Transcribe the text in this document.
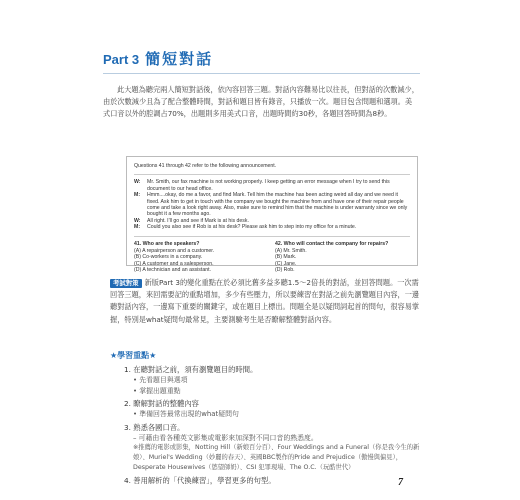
Part 3 簡短對話

此大題為聽完兩人簡短對話後，依內容回答三題。對話內容難易比以往長，但對話的次數減少，由於次數減少且為了配合整體時間，對話和題目皆有錄音，只播放一次。題目包含問題和選項。美式口音以外的腔調占70%，出題則多用美式口音，出題時間約30秒，各題回答時間為8秒。

Questions 41 through 42 refer to the following announcement.
W:	Mr. Smith, our fax machine is not working properly. I keep getting an error message when I try to send this document to our head office.
M:	Hmm....okay, do me a favor, and find Mark. Tell him the machine has been acting weird all day and we need it fixed. Ask him to get in touch with the company we bought the machine from and have one of their repair people come and take a look right away. Also, make sure to remind him that the machine is under warranty since we only bought it a few months ago.
W:	All right. I'll go and see if Mark is at his desk.
M:	Could you also see if Rob is at his desk? Please ask him to step into my office for a minute.
41. Who are the speakers?
(A) A repairperson and a customer.
(B) Co-workers in a company.
(C) A customer and a salesperson.
(D) A technician and an assistant.
42. Who will contact the company for repairs?
(A) Mr. Smith.
(B) Mark.
(C) Jane.
(D) Rob.
考試對策 新版Part 3的變化重點在於必須比舊多益多聽1.5～2倍長的對話，並回答問題。一次需回答三題，來回需要記的重點增加，多少有些壓力，所以要練習在對話之前先瀏覽題目內容，一邊聽對話內容，一邊寫下重要的關鍵字，或在題目上標出。問題全是以疑問詞起首的問句，很容易掌握，特別是what疑問句最常見，主要測驗考生是否瞭解整體對話內容。
★學習重點★
1. 在聽對話之前，須有瀏覽題目的時間。
• 先看題目與選項
• 掌握出題重點
2. 瞭解對話的整體內容
• 準備回答最常出現的what疑問句
3. 熟悉各國口音。
– 可藉由看各種英文影集或電影來加深對不同口音的熟悉度。
※推薦的電影或影集，Notting Hill（新娘百分百）、Four Weddings and a Funeral（你是我今生的新娘）、Muriel's Wedding（妙麗的春天）、英國BBC製作的Pride and Prejudice（傲慢與偏見），Desperate Housewives（慾望師奶）、CSI 犯罪現場、The O.C.（玩酷世代）
4. 善用解析的「代換練習」，學習更多的句型。	7
